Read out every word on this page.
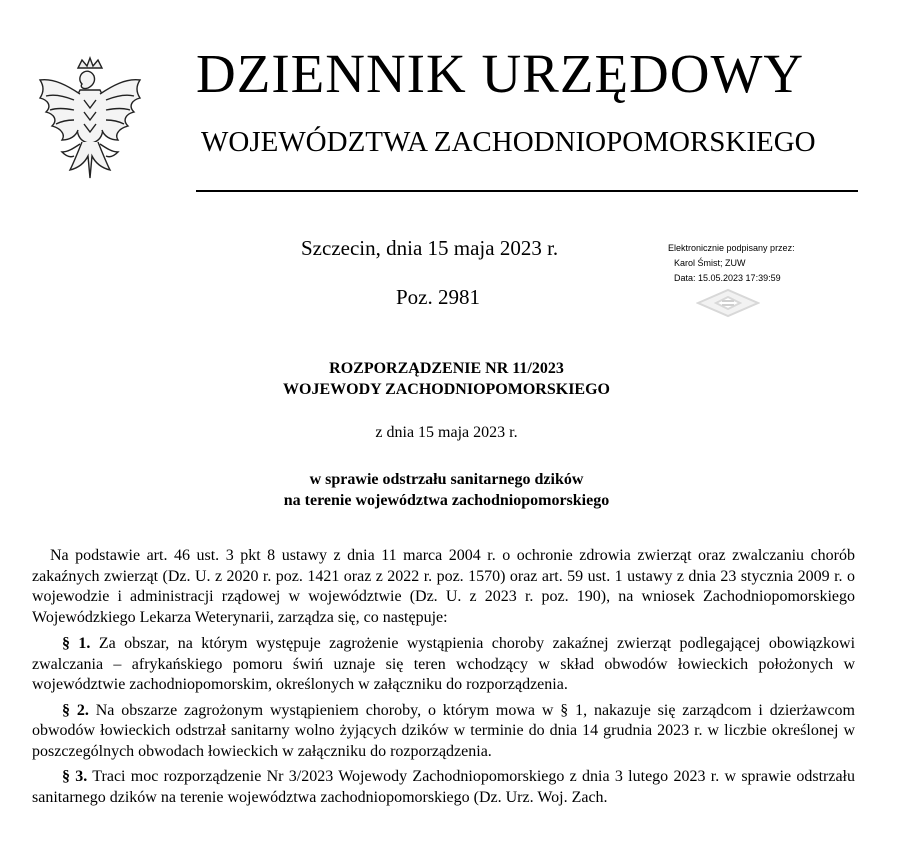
DZIENNIK URZĘDOWY
WOJEWÓDZTWA ZACHODNIOPOMORSKIEGO
Szczecin, dnia 15 maja 2023 r.
Poz. 2981
Elektronicznie podpisany przez:
Karol Śmist; ZUW
Data: 15.05.2023 17:39:59
ROZPORZĄDZENIE NR 11/2023
WOJEWODY ZACHODNIOPOMORSKIEGO
z dnia 15 maja 2023 r.
w sprawie odstrzału sanitarnego dzików
na terenie województwa zachodniopomorskiego

Na podstawie art. 46 ust. 3 pkt 8 ustawy z dnia 11 marca 2004 r. o ochronie zdrowia zwierząt oraz zwalczaniu chorób zakaźnych zwierząt (Dz. U. z 2020 r. poz. 1421 oraz z 2022 r. poz. 1570) oraz art. 59 ust. 1 ustawy z dnia 23 stycznia 2009 r. o wojewodzie i administracji rządowej w województwie (Dz. U. z 2023 r. poz. 190), na wniosek Zachodniopomorskiego Wojewódzkiego Lekarza Weterynarii, zarządza się, co następuje:

§ 1. Za obszar, na którym występuje zagrożenie wystąpienia choroby zakaźnej zwierząt podlegającej obowiązkowi zwalczania – afrykańskiego pomoru świń uznaje się teren wchodzący w skład obwodów łowieckich położonych w województwie zachodniopomorskim, określonych w załączniku do rozporządzenia.

§ 2. Na obszarze zagrożonym wystąpieniem choroby, o którym mowa w § 1, nakazuje się zarządcom i dzierżawcom obwodów łowieckich odstrzał sanitarny wolno żyjących dzików w terminie do dnia 14 grudnia 2023 r. w liczbie określonej w poszczególnych obwodach łowieckich w załączniku do rozporządzenia.

§ 3. Traci moc rozporządzenie Nr 3/2023 Wojewody Zachodniopomorskiego z dnia 3 lutego 2023 r. w sprawie odstrzału sanitarnego dzików na terenie województwa zachodniopomorskiego (Dz. Urz. Woj. Zach.
